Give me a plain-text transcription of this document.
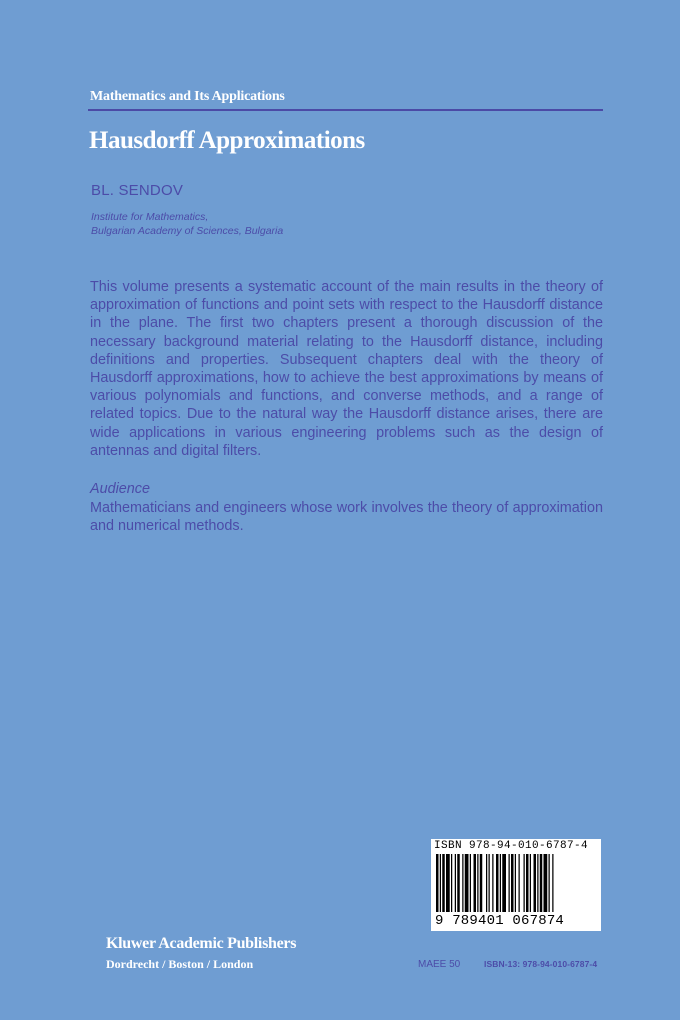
Mathematics and Its Applications
Hausdorff Approximations
BL. SENDOV
Institute for Mathematics,
Bulgarian Academy of Sciences, Bulgaria
This volume presents a systematic account of the main results in the theory of approximation of functions and point sets with respect to the Hausdorff distance in the plane. The first two chapters present a thorough discussion of the necessary background material relating to the Hausdorff distance, including definitions and properties. Subsequent chapters deal with the theory of Hausdorff approximations, how to achieve the best approximations by means of various polynomials and functions, and converse methods, and a range of related topics. Due to the natural way the Hausdorff distance arises, there are wide applications in various engineering problems such as the design of antennas and digital filters.
Audience
Mathematicians and engineers whose work involves the theory of approximation and numerical methods.
ISBN 978-94-010-6787-4
9 789401 067874
Kluwer Academic Publishers
Dordrecht / Boston / London	MAEE 50	ISBN-13: 978-94-010-6787-4
